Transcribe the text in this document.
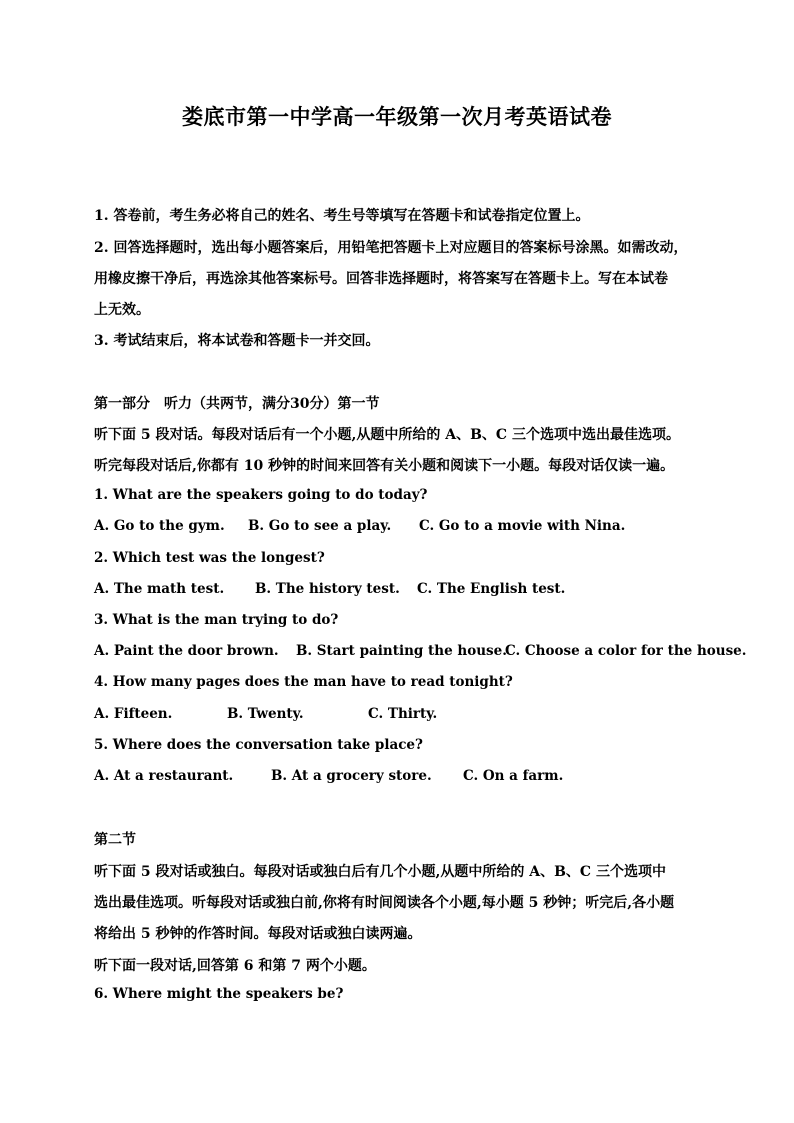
娄底市第一中学高一年级第一次月考英语试卷
1. 答卷前，考生务必将自己的姓名、考生号等填写在答题卡和试卷指定位置上。
2. 回答选择题时，选出每小题答案后，用铅笔把答题卡上对应题目的答案标号涂黑。如需改动，
用橡皮擦干净后，再选涂其他答案标号。回答非选择题时，将答案写在答题卡上。写在本试卷
上无效。
3. 考试结束后，将本试卷和答题卡一并交回。
第一部分　听力（共两节，满分30分）第一节
听下面 5 段对话。每段对话后有一个小题,从题中所给的 A、B、C 三个选项中选出最佳选项。
听完每段对话后,你都有 10 秒钟的时间来回答有关小题和阅读下一小题。每段对话仅读一遍。
1. What are the speakers going to do today?
A. Go to the gym. B. Go to see a play. C. Go to a movie with Nina.
2. Which test was the longest?
A. The math test. B. The history test. C. The English test.
3. What is the man trying to do?
A. Paint the door brown. B. Start painting the house.
C. Choose a color for the house.
4. How many pages does the man have to read tonight?
A. Fifteen.	B. Twenty.	C. Thirty.
5. Where does the conversation take place?
A. At a restaurant.	B. At a grocery store. C. On a farm.
第二节
听下面 5 段对话或独白。每段对话或独白后有几个小题,从题中所给的 A、B、C 三个选项中
选出最佳选项。听每段对话或独白前,你将有时间阅读各个小题,每小题 5 秒钟；听完后,各小题
将给出 5 秒钟的作答时间。每段对话或独白读两遍。
听下面一段对话,回答第 6 和第 7 两个小题。
6. Where might the speakers be?
